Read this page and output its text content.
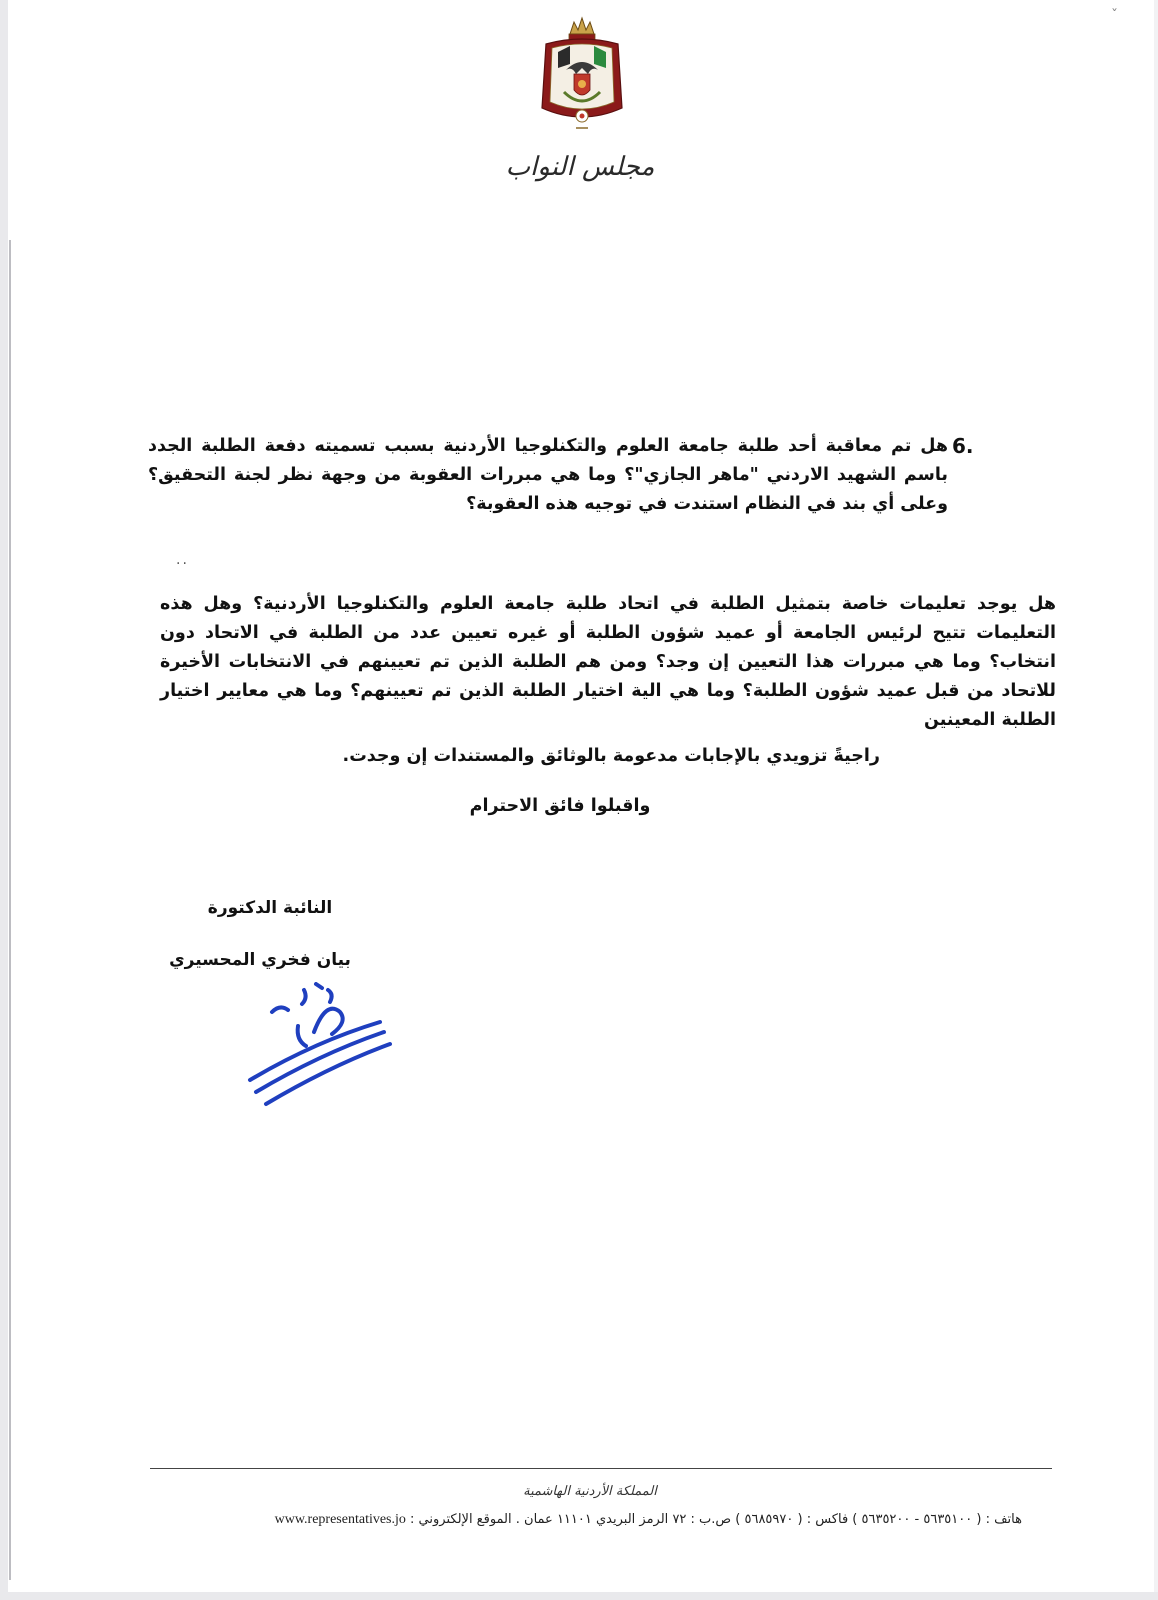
ˇ
مجلس النواب
6.
هل تم معاقبة أحد طلبة جامعة العلوم والتكنلوجيا الأردنية بسبب تسميته دفعة الطلبة الجدد باسم الشهيد الاردني "ماهر الجازي"؟ وما هي مبررات العقوبة من وجهة نظر لجنة التحقيق؟ وعلى أي بند في النظام استندت في توجيه هذه العقوبة؟
..
هل يوجد تعليمات خاصة بتمثيل الطلبة في اتحاد طلبة جامعة العلوم والتكنلوجيا الأردنية؟ وهل هذه التعليمات تتيح لرئيس الجامعة أو عميد شؤون الطلبة أو غيره تعيين عدد من الطلبة في الاتحاد دون انتخاب؟ وما هي مبررات هذا التعيين إن وجد؟ ومن هم الطلبة الذين تم تعيينهم في الانتخابات الأخيرة للاتحاد من قبل عميد شؤون الطلبة؟ وما هي الية اختيار الطلبة الذين تم تعيينهم؟ وما هي معايير اختيار الطلبة المعينين
راجيةً تزويدي بالإجابات مدعومة بالوثائق والمستندات إن وجدت.
واقبلوا فائق الاحترام
النائبة الدكتورة
بيان فخري المحسيري
المملكة الأردنية الهاشمية
هاتف : ( ٥٦٣٥١٠٠ - ٥٦٣٥٢٠٠ ) فاكس : ( ٥٦٨٥٩٧٠ ) ص.ب : ٧٢ الرمز البريدي ١١١٠١ عمان . الموقع الإلكتروني : www.representatives.jo
